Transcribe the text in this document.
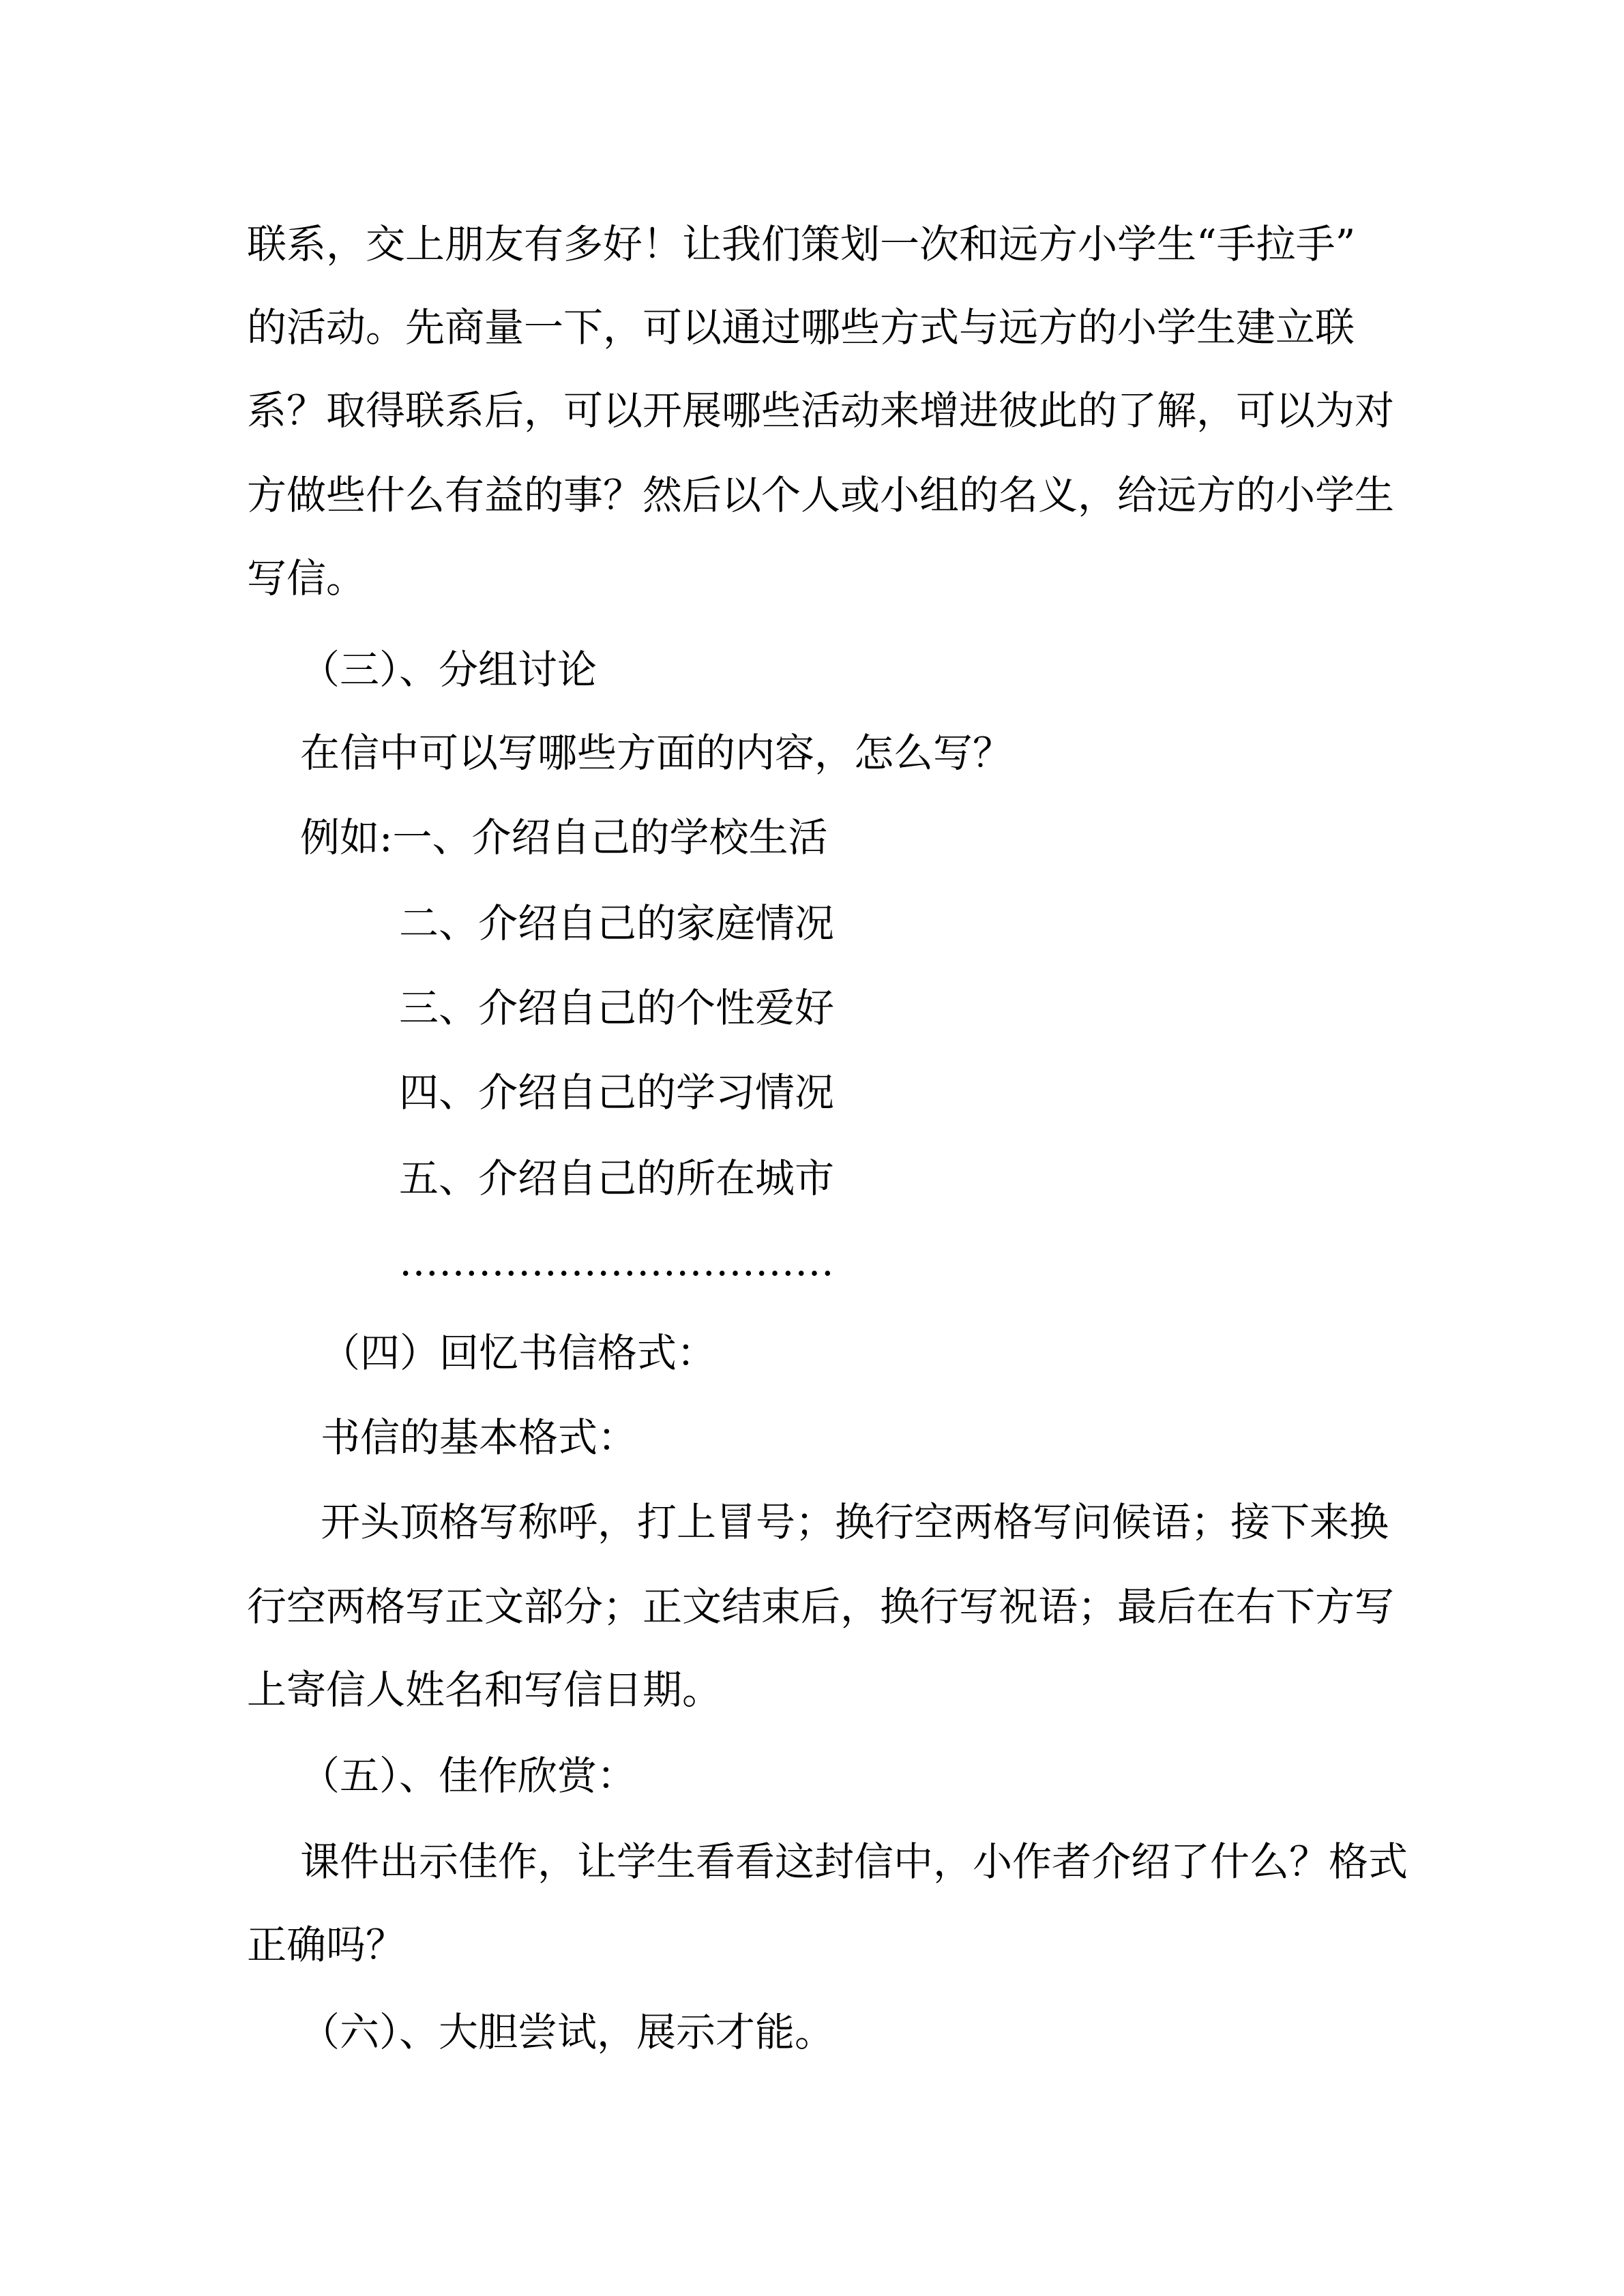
联系，交上朋友有多好！让我们策划一次和远方小学生“手拉手”
的活动。先商量一下，可以通过哪些方式与远方的小学生建立联
系？取得联系后，可以开展哪些活动来增进彼此的了解，可以为对
方做些什么有益的事？然后以个人或小组的名义，给远方的小学生
写信。
（三）、分组讨论
在信中可以写哪些方面的内容，怎么写？
例如:一、介绍自己的学校生活
二、介绍自己的家庭情况
三、介绍自己的个性爱好
四、介绍自己的学习情况
五、介绍自己的所在城市
……………………………
（四）回忆书信格式：
书信的基本格式：
开头顶格写称呼，打上冒号；换行空两格写问候语；接下来换
行空两格写正文部分；正文结束后，换行写祝语；最后在右下方写
上寄信人姓名和写信日期。
（五）、佳作欣赏：
课件出示佳作，让学生看看这封信中，小作者介绍了什么？格式
正确吗？
（六）、大胆尝试，展示才能。
